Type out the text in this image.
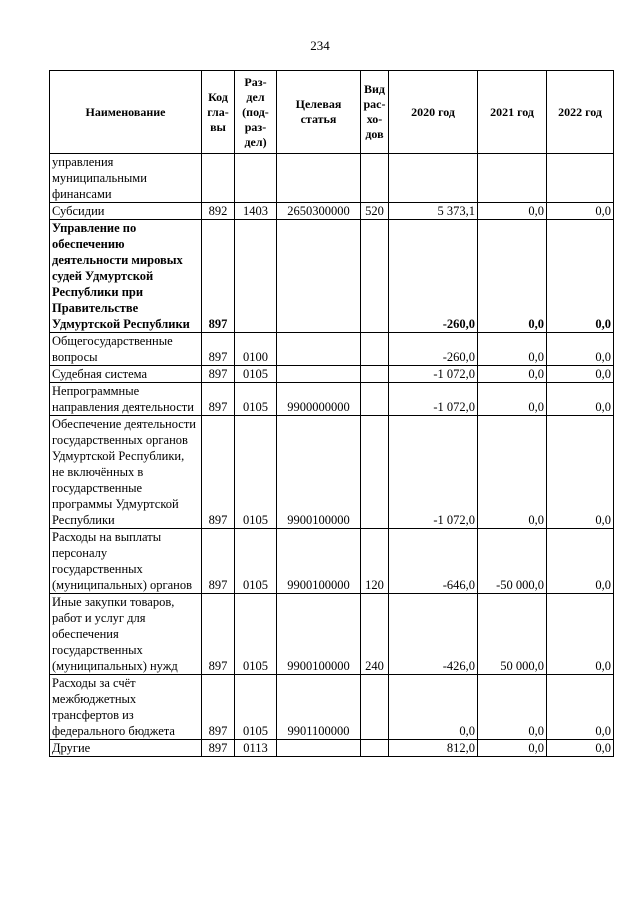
234
Наименование	Код гла-вы	Раз-дел (под-раз-дел)	Целевая статья	Вид рас-хо-дов	2020 год	2021 год	2022 год
управления муниципальными финансами							
Субсидии	892	1403	2650300000	520	5 373,1	0,0	0,0
Управление по обеспечению деятельности мировых судей Удмуртской Республики при Правительстве Удмуртской Республики	897				-260,0	0,0	0,0
Общегосударственные вопросы	897	0100			-260,0	0,0	0,0
Судебная система	897	0105			-1 072,0	0,0	0,0
Непрограммные направления деятельности	897	0105	9900000000		-1 072,0	0,0	0,0
Обеспечение деятельности государственных органов Удмуртской Республики, не включённых в государственные программы Удмуртской Республики	897	0105	9900100000		-1 072,0	0,0	0,0
Расходы на выплаты персоналу государственных (муниципальных) органов	897	0105	9900100000	120	-646,0	-50 000,0	0,0
Иные закупки товаров, работ и услуг для обеспечения государственных (муниципальных) нужд	897	0105	9900100000	240	-426,0	50 000,0	0,0
Расходы за счёт межбюджетных трансфертов из федерального бюджета	897	0105	9901100000		0,0	0,0	0,0
Другие	897	0113			812,0	0,0	0,0
